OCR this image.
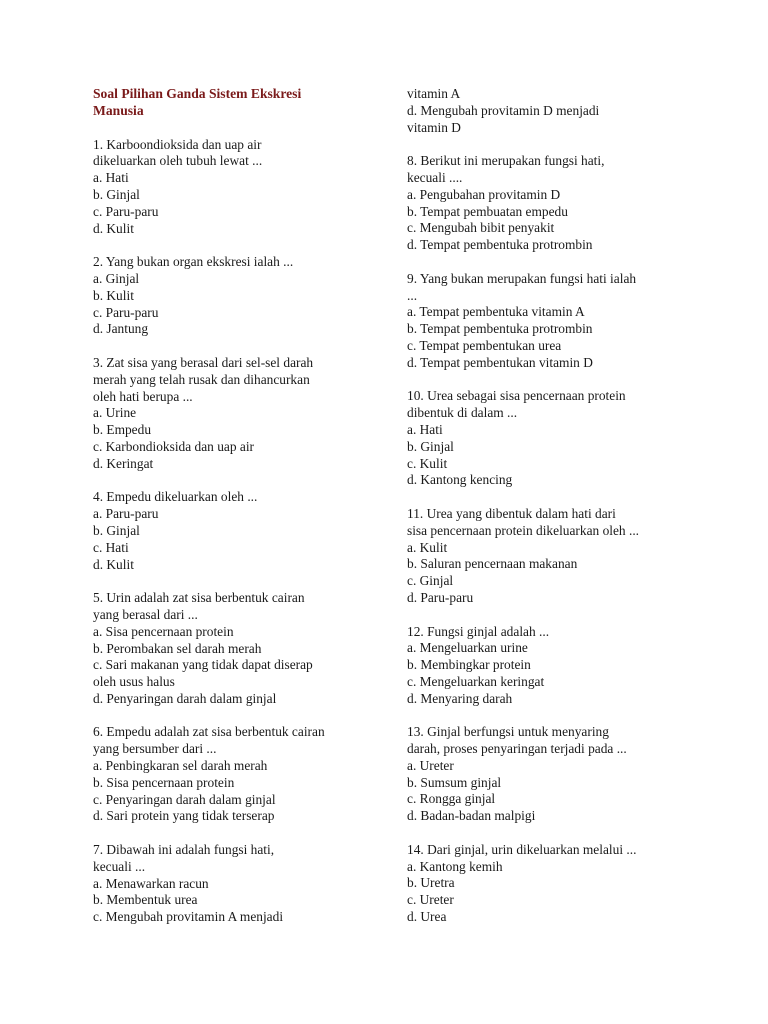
Soal Pilihan Ganda Sistem Ekskresi
Manusia
1. Karboondioksida dan uap air
dikeluarkan oleh tubuh lewat ...
a. Hati
b. Ginjal
c. Paru-paru
d. Kulit
2. Yang bukan organ ekskresi ialah ...
a. Ginjal
b. Kulit
c. Paru-paru
d. Jantung
3. Zat sisa yang berasal dari sel-sel darah
merah yang telah rusak dan dihancurkan
oleh hati berupa ...
a. Urine
b. Empedu
c. Karbondioksida dan uap air
d. Keringat
4. Empedu dikeluarkan oleh ...
a. Paru-paru
b. Ginjal
c. Hati
d. Kulit
5. Urin adalah zat sisa berbentuk cairan
yang berasal dari ...
a. Sisa pencernaan protein
b. Perombakan sel darah merah
c. Sari makanan yang tidak dapat diserap
oleh usus halus
d. Penyaringan darah dalam ginjal
6. Empedu adalah zat sisa berbentuk cairan
yang bersumber dari ...
a. Penbingkaran sel darah merah
b. Sisa pencernaan protein
c. Penyaringan darah dalam ginjal
d. Sari protein yang tidak terserap
7. Dibawah ini adalah fungsi hati,
kecuali ...
a. Menawarkan racun
b. Membentuk urea
c. Mengubah provitamin A menjadi
vitamin A
d. Mengubah provitamin D menjadi
vitamin D
8. Berikut ini merupakan fungsi hati,
kecuali ....
a. Pengubahan provitamin D
b. Tempat pembuatan empedu
c. Mengubah bibit penyakit
d. Tempat pembentuka protrombin
9. Yang bukan merupakan fungsi hati ialah
...
a. Tempat pembentuka vitamin A
b. Tempat pembentuka protrombin
c. Tempat pembentukan urea
d. Tempat pembentukan vitamin D
10. Urea sebagai sisa pencernaan protein
dibentuk di dalam ...
a. Hati
b. Ginjal
c. Kulit
d. Kantong kencing
11. Urea yang dibentuk dalam hati dari
sisa pencernaan protein dikeluarkan oleh ...
a. Kulit
b. Saluran pencernaan makanan
c. Ginjal
d. Paru-paru
12. Fungsi ginjal adalah ...
a. Mengeluarkan urine
b. Membingkar protein
c. Mengeluarkan keringat
d. Menyaring darah
13. Ginjal berfungsi untuk menyaring
darah, proses penyaringan terjadi pada ...
a. Ureter
b. Sumsum ginjal
c. Rongga ginjal
d. Badan-badan malpigi
14. Dari ginjal, urin dikeluarkan melalui ...
a. Kantong kemih
b. Uretra
c. Ureter
d. Urea
